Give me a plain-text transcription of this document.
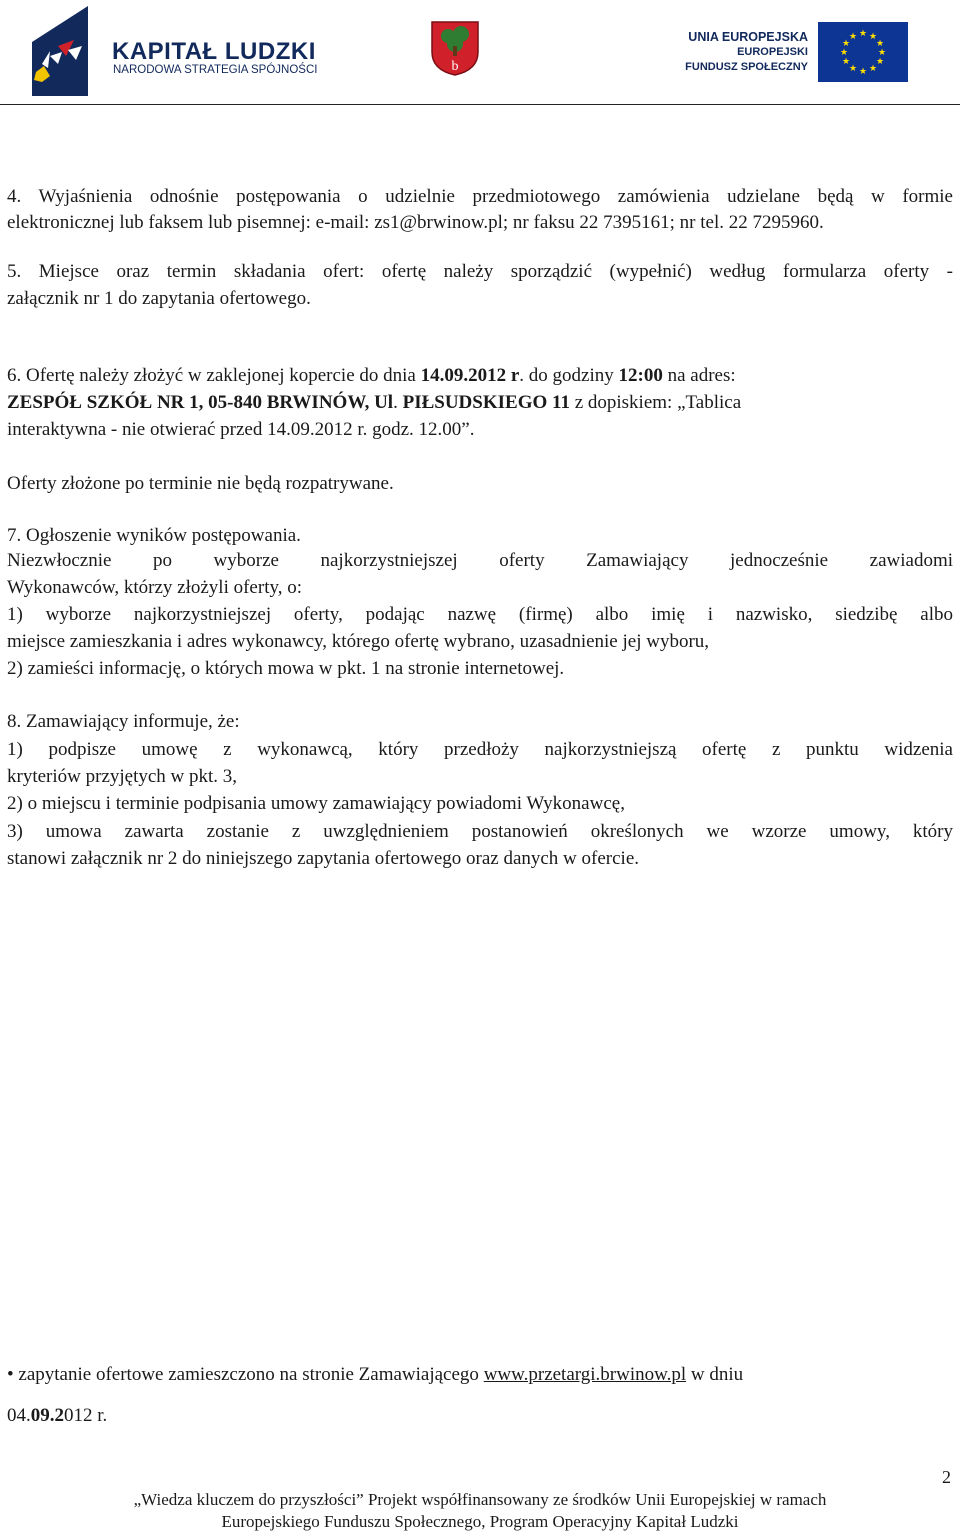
KAPITAŁ LUDZKI
NARODOWA STRATEGIA SPÓJNOŚCI	b
UNIA EUROPEJSKA
EUROPEJSKI
FUNDUSZ SPOŁECZNY
★ ★
★
★
★
★
★
★
★
★
★
★
4. Wyjaśnienia odnośnie postępowania o udzielnie przedmiotowego zamówienia udzielane będą w formie
elektronicznej lub faksem lub pisemnej: e-mail: zs1@brwinow.pl; nr faksu 22 7395161; nr tel. 22 7295960.
5. Miejsce oraz termin składania ofert: ofertę należy sporządzić (wypełnić) według formularza oferty -
załącznik nr 1 do zapytania ofertowego.
6. Ofertę należy złożyć w zaklejonej kopercie do dnia 14.09.2012 r. do godziny 12:00 na adres:
ZESPÓŁ SZKÓŁ NR 1, 05-840 BRWINÓW, Ul. PIŁSUDSKIEGO 11 z dopiskiem: „Tablica
interaktywna - nie otwierać przed 14.09.2012 r. godz. 12.00”.
Oferty złożone po terminie nie będą rozpatrywane.
7. Ogłoszenie wyników postępowania.
Niezwłocznie po wyborze najkorzystniejszej oferty Zamawiający jednocześnie zawiadomi
Wykonawców, którzy złożyli oferty, o:
1) wyborze najkorzystniejszej oferty, podając nazwę (firmę) albo imię i nazwisko, siedzibę albo
miejsce zamieszkania i adres wykonawcy, którego ofertę wybrano, uzasadnienie jej wyboru,
2) zamieści informację, o których mowa w pkt. 1 na stronie internetowej.
8. Zamawiający informuje, że:
1) podpisze umowę z wykonawcą, który przedłoży najkorzystniejszą ofertę z punktu widzenia
kryteriów przyjętych w pkt. 3,
2) o miejscu i terminie podpisania umowy zamawiający powiadomi Wykonawcę,
3) umowa zawarta zostanie z uwzględnieniem postanowień określonych we wzorze umowy, który
stanowi załącznik nr 2 do niniejszego zapytania ofertowego oraz danych w ofercie.
• zapytanie ofertowe zamieszczono na stronie Zamawiającego www.przetargi.brwinow.pl w dniu
04.09.2012 r.
2
„Wiedza kluczem do przyszłości” Projekt współfinansowany ze środków Unii Europejskiej w ramach
Europejskiego Funduszu Społecznego, Program Operacyjny Kapitał Ludzki
